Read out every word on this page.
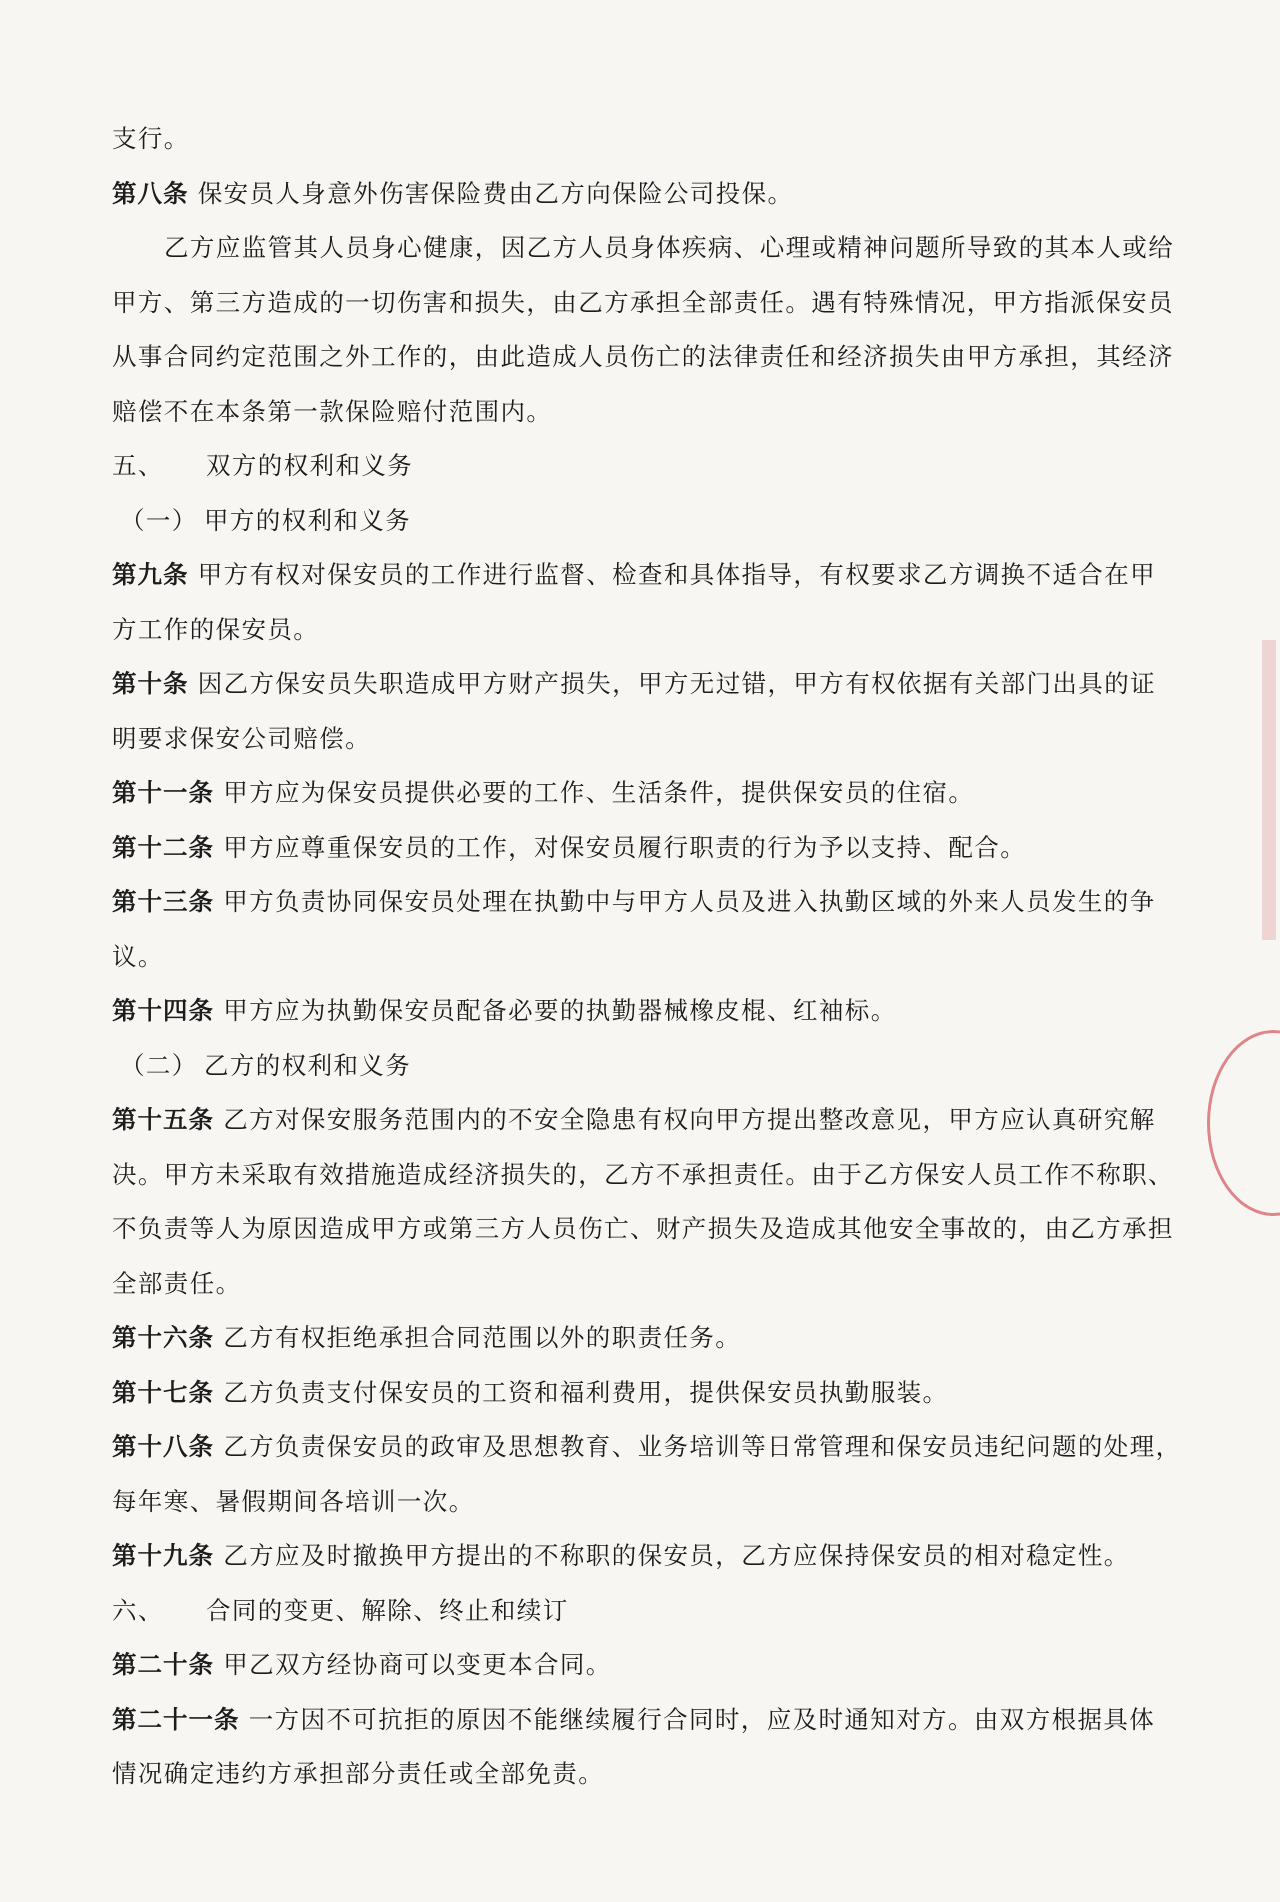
支行。

第八条 保安员人身意外伤害保险费由乙方向保险公司投保。

乙方应监管其人员身心健康，因乙方人员身体疾病、心理或精神问题所导致的其本人或给

甲方、第三方造成的一切伤害和损失，由乙方承担全部责任。遇有特殊情况，甲方指派保安员

从事合同约定范围之外工作的，由此造成人员伤亡的法律责任和经济损失由甲方承担，其经济

赔偿不在本条第一款保险赔付范围内。

五、 双方的权利和义务

（一） 甲方的权利和义务

第九条 甲方有权对保安员的工作进行监督、检查和具体指导，有权要求乙方调换不适合在甲

方工作的保安员。

第十条 因乙方保安员失职造成甲方财产损失，甲方无过错，甲方有权依据有关部门出具的证

明要求保安公司赔偿。

第十一条 甲方应为保安员提供必要的工作、生活条件，提供保安员的住宿。

第十二条 甲方应尊重保安员的工作，对保安员履行职责的行为予以支持、配合。

第十三条 甲方负责协同保安员处理在执勤中与甲方人员及进入执勤区域的外来人员发生的争

议。

第十四条 甲方应为执勤保安员配备必要的执勤器械橡皮棍、红袖标。

（二） 乙方的权利和义务

第十五条 乙方对保安服务范围内的不安全隐患有权向甲方提出整改意见，甲方应认真研究解

决。甲方未采取有效措施造成经济损失的，乙方不承担责任。由于乙方保安人员工作不称职、

不负责等人为原因造成甲方或第三方人员伤亡、财产损失及造成其他安全事故的，由乙方承担

全部责任。

第十六条 乙方有权拒绝承担合同范围以外的职责任务。

第十七条 乙方负责支付保安员的工资和福利费用，提供保安员执勤服装。

第十八条 乙方负责保安员的政审及思想教育、业务培训等日常管理和保安员违纪问题的处理，

每年寒、暑假期间各培训一次。

第十九条 乙方应及时撤换甲方提出的不称职的保安员，乙方应保持保安员的相对稳定性。

六、 合同的变更、解除、终止和续订

第二十条 甲乙双方经协商可以变更本合同。

第二十一条 一方因不可抗拒的原因不能继续履行合同时，应及时通知对方。由双方根据具体

情况确定违约方承担部分责任或全部免责。
